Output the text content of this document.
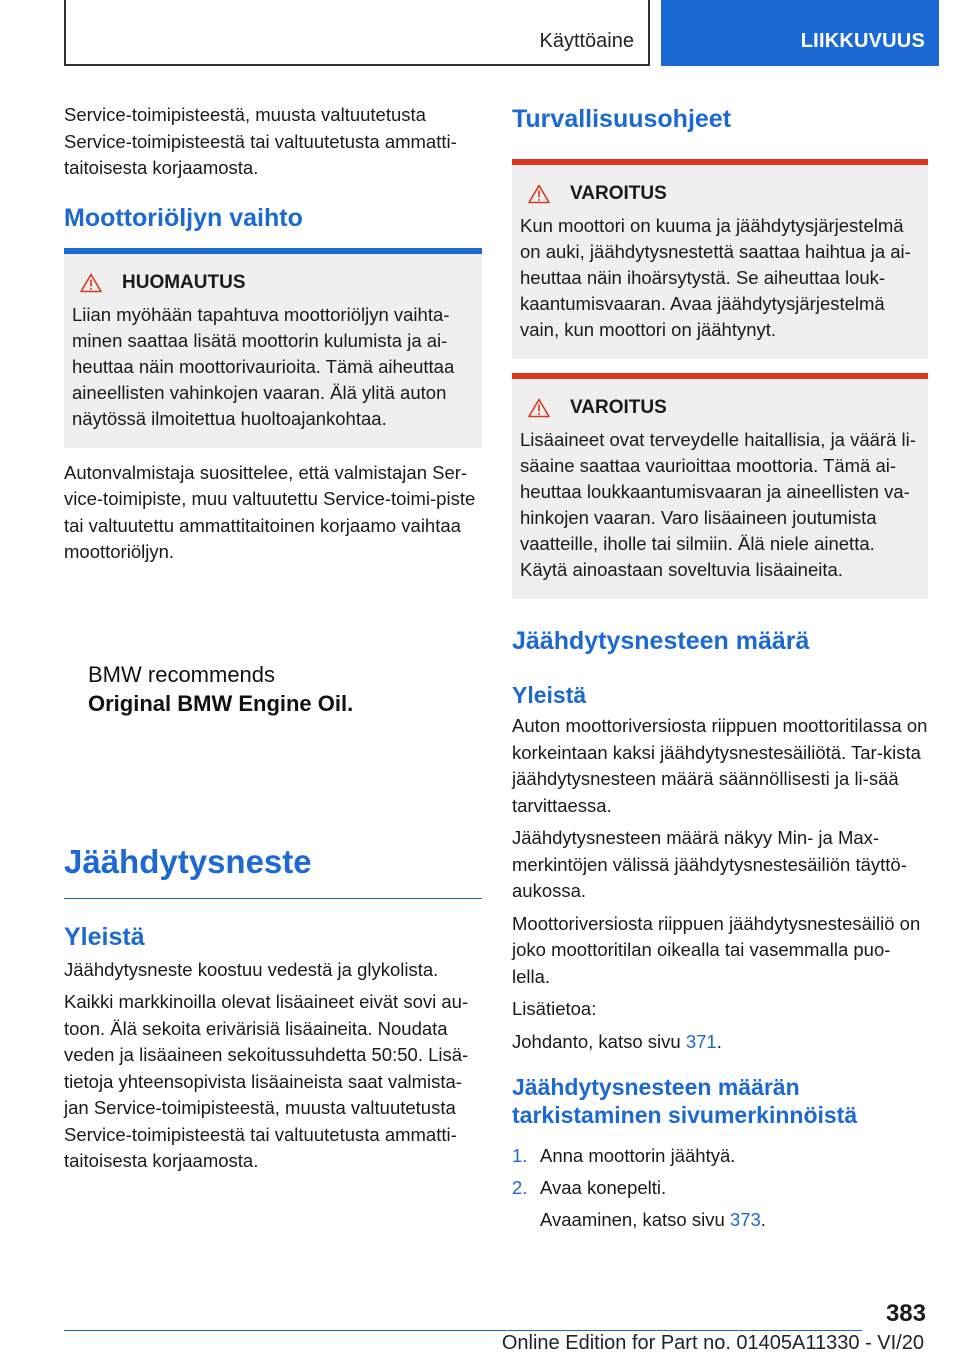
Käyttöaine	LIIKKUVUUS

Service-toimipisteestä, muusta valtuutetusta Service-toimipisteestä tai valtuutetusta ammatti-taitoisesta korjaamosta.

Moottoriöljyn vaihto
HUOMAUTUS

Liian myöhään tapahtuva moottoriöljyn vaihta-minen saattaa lisätä moottorin kulumista ja ai-heuttaa näin moottorivaurioita. Tämä aiheuttaa aineellisten vahinkojen vaaran. Älä ylitä auton näytössä ilmoitettua huoltoajankohtaa.

Autonvalmistaja suosittelee, että valmistajan Ser-vice-toimipiste, muu valtuutettu Service-toimi-piste tai valtuutettu ammattitaitoinen korjaamo vaihtaa moottoriöljyn.

BMW recommends
Original BMW Engine Oil.
Jäähdytysneste
Yleistä

Jäähdytysneste koostuu vedestä ja glykolista.

Kaikki markkinoilla olevat lisäaineet eivät sovi au-toon. Älä sekoita erivärisiä lisäaineita. Noudata veden ja lisäaineen sekoitussuhdetta 50:50. Lisä-tietoja yhteensopivista lisäaineista saat valmista-jan Service-toimipisteestä, muusta valtuutetusta Service-toimipisteestä tai valtuutetusta ammatti-taitoisesta korjaamosta.

Turvallisuusohjeet
VAROITUS

Kun moottori on kuuma ja jäähdytysjärjestelmä on auki, jäähdytysnestettä saattaa haihtua ja ai-heuttaa näin ihoärsytystä. Se aiheuttaa louk-kaantumisvaaran. Avaa jäähdytysjärjestelmä vain, kun moottori on jäähtynyt.

VAROITUS

Lisäaineet ovat terveydelle haitallisia, ja väärä li-säaine saattaa vaurioittaa moottoria. Tämä ai-heuttaa loukkaantumisvaaran ja aineellisten va-hinkojen vaaran. Varo lisäaineen joutumista vaatteille, iholle tai silmiin. Älä niele ainetta. Käytä ainoastaan soveltuvia lisäaineita.

Jäähdytysnesteen määrä
Yleistä

Auton moottoriversiosta riippuen moottoritilassa on korkeintaan kaksi jäähdytysnestesäiliötä. Tar-kista jäähdytysnesteen määrä säännöllisesti ja li-sää tarvittaessa.

Jäähdytysnesteen määrä näkyy Min- ja Max-merkintöjen välissä jäähdytysnestesäiliön täyttö-aukossa.

Moottoriversiosta riippuen jäähdytysnestesäiliö on joko moottoritilan oikealla tai vasemmalla puo-lella.

Lisätietoa:

Johdanto, katso sivu 371.

Jäähdytysnesteen määrän
tarkistaminen sivumerkinnöistä
1. Anna moottorin jäähtyä.
2. Avaa konepelti.

Avaaminen, katso sivu 373.

383
Online Edition for Part no. 01405A11330 - VI/20
